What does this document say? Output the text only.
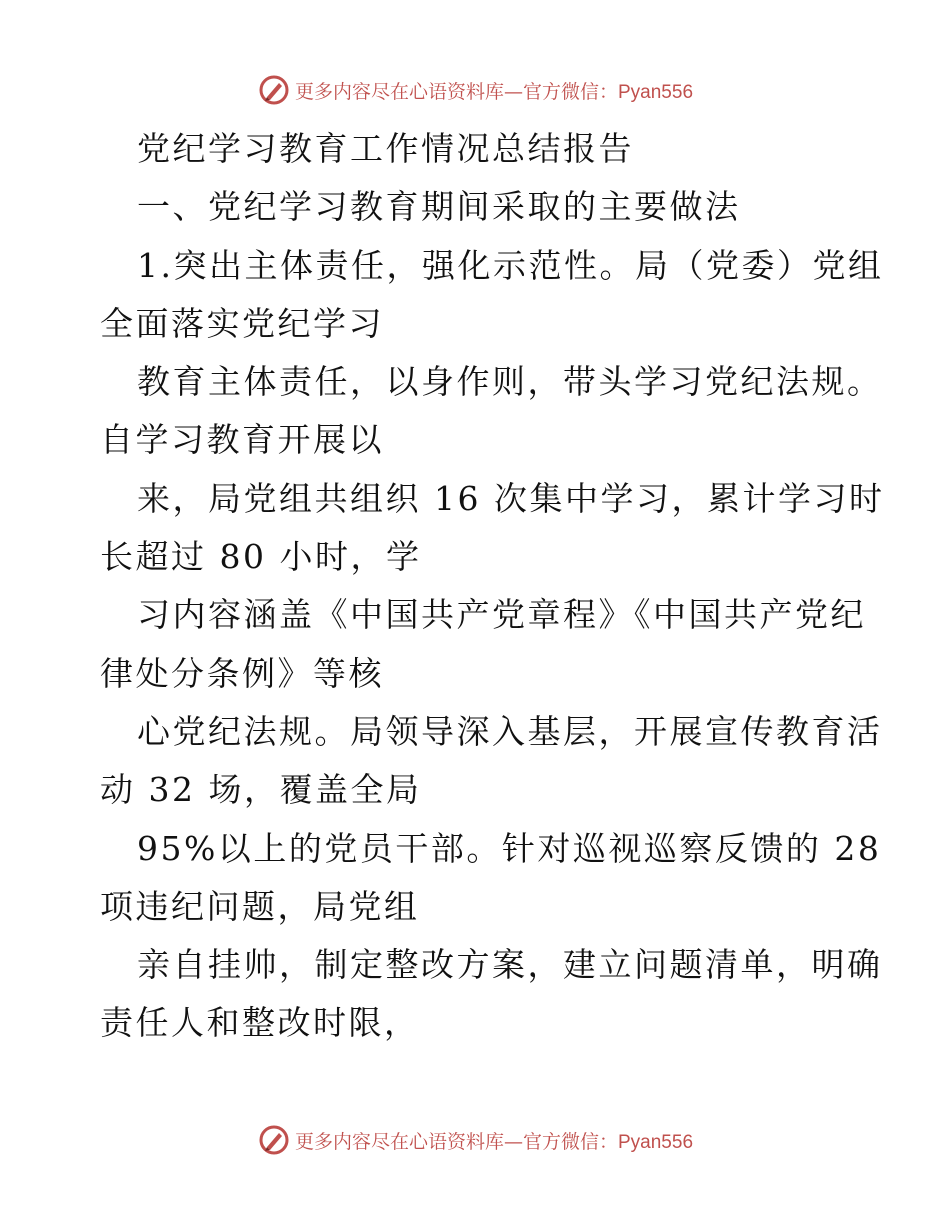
更多内容尽在心语资料库—官方微信：Pyan556
党纪学习教育工作情况总结报告
一、党纪学习教育期间采取的主要做法
1.突出主体责任，强化示范性。局（党委）党组
全面落实党纪学习
教育主体责任，以身作则，带头学习党纪法规。
自学习教育开展以
来，局党组共组织 16 次集中学习，累计学习时
长超过 80 小时，学
习内容涵盖《中国共产党章程》《中国共产党纪
律处分条例》等核
心党纪法规。局领导深入基层，开展宣传教育活
动 32 场，覆盖全局
95%以上的党员干部。针对巡视巡察反馈的 28
项违纪问题，局党组
亲自挂帅，制定整改方案，建立问题清单，明确
责任人和整改时限，
更多内容尽在心语资料库—官方微信：Pyan556
